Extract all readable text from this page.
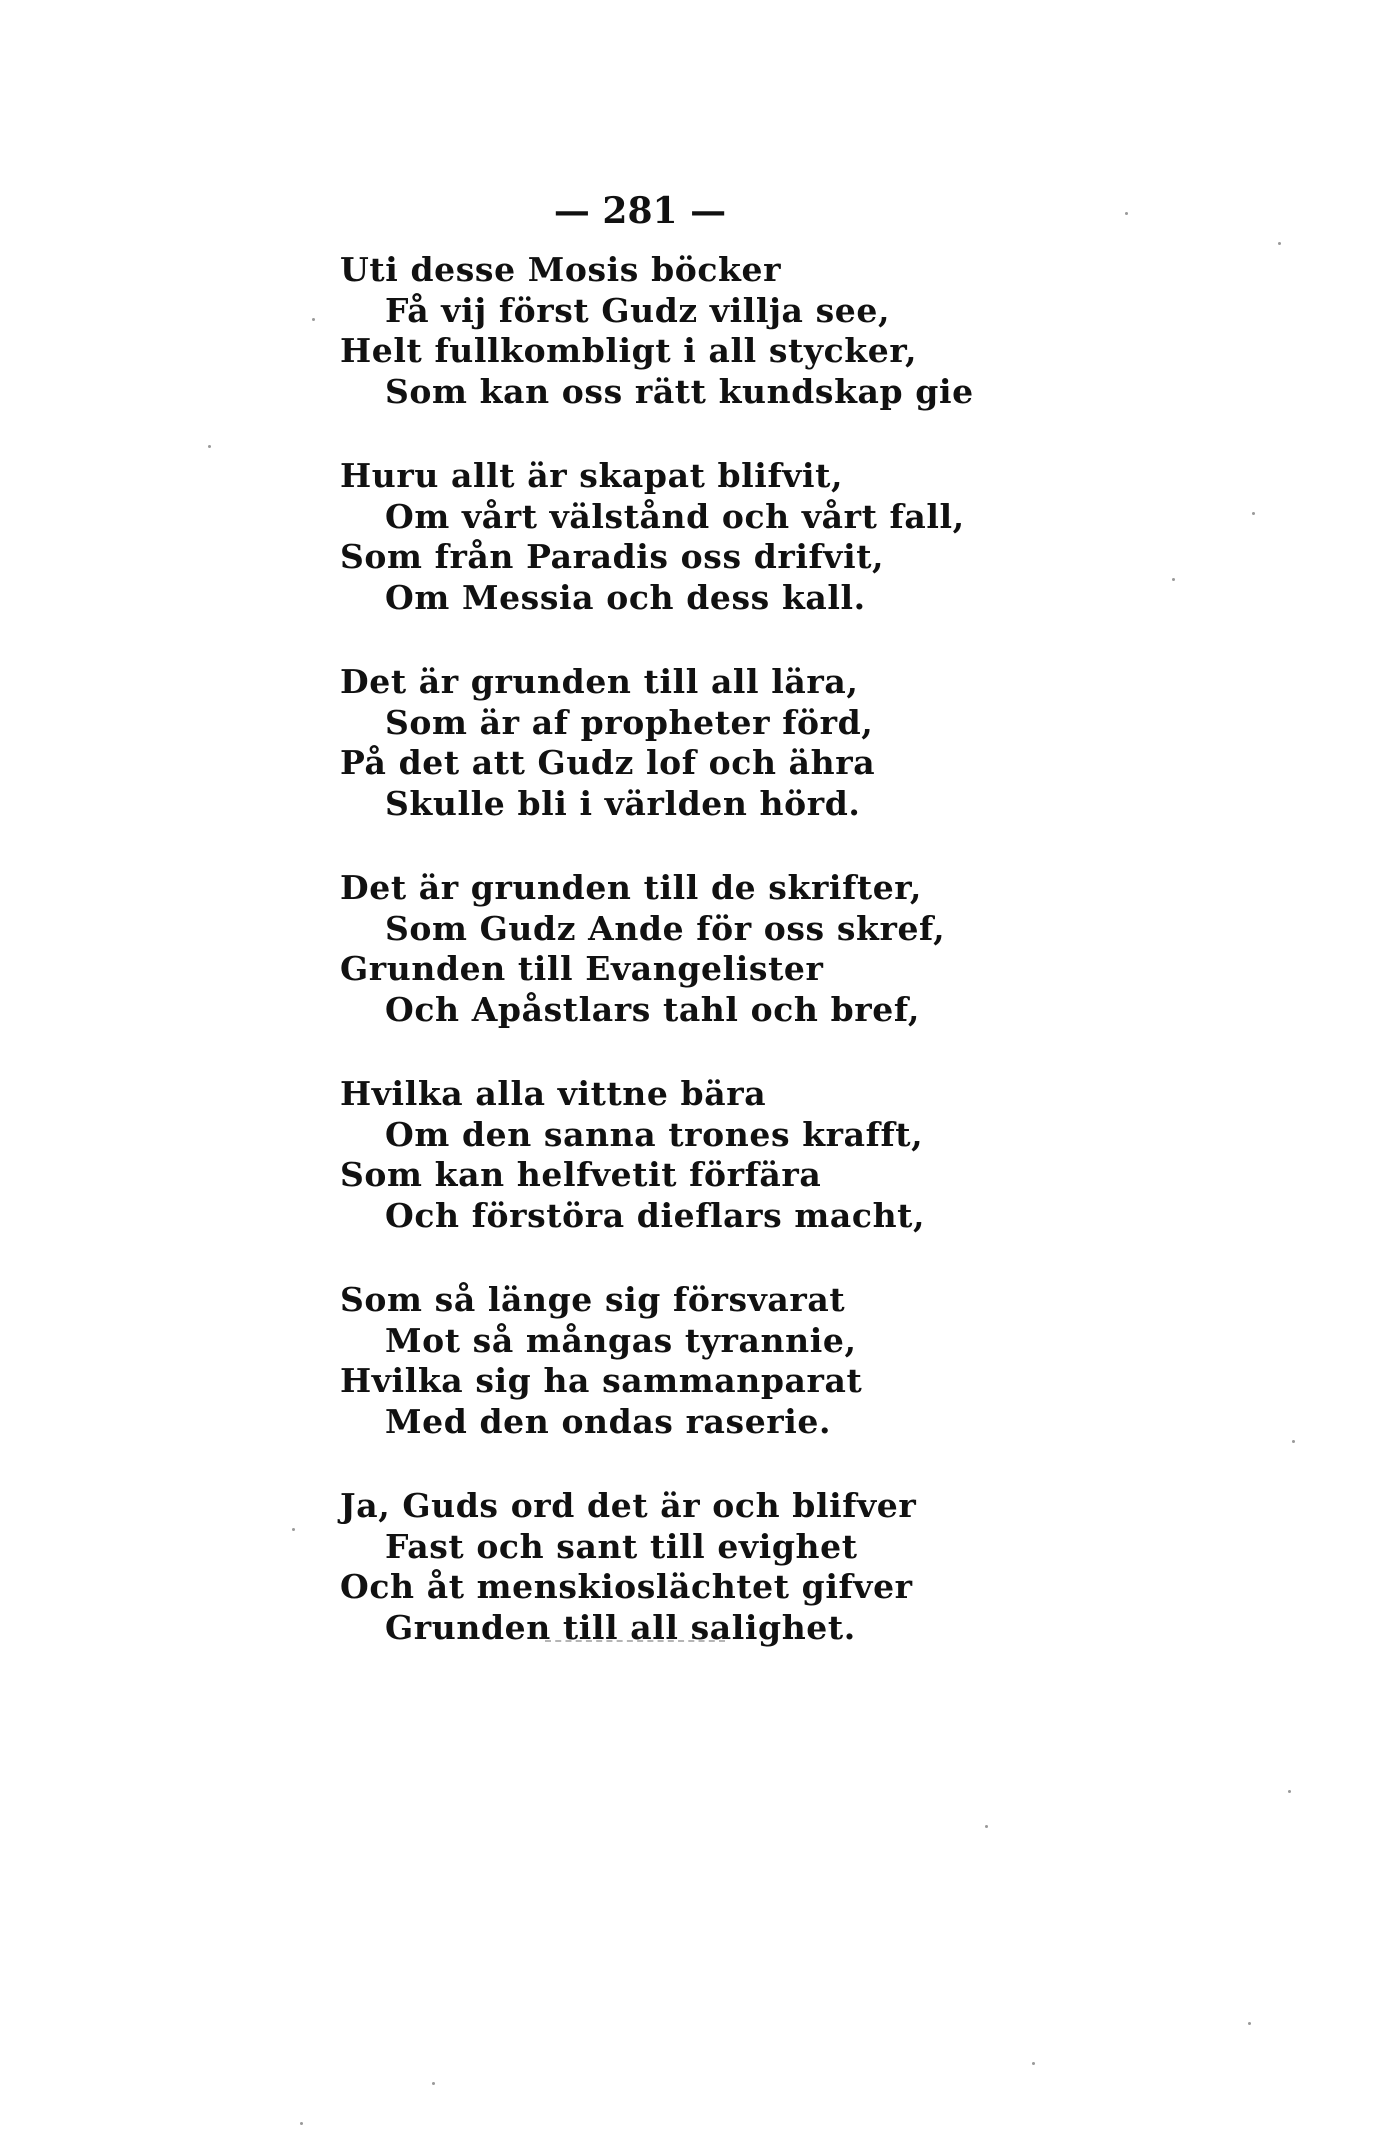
— 281 —
Uti desse Mosis böcker
Få vij först Gudz villja see,
Helt fullkombligt i all stycker,
Som kan oss rätt kundskap gie
Huru allt är skapat blifvit,
Om vårt välstånd och vårt fall,
Som från Paradis oss drifvit,
Om Messia och dess kall.
Det är grunden till all lära,
Som är af propheter förd,
På det att Gudz lof och ähra
Skulle bli i världen hörd.
Det är grunden till de skrifter,
Som Gudz Ande för oss skref,
Grunden till Evangelister
Och Apåstlars tahl och bref,
Hvilka alla vittne bära
Om den sanna trones krafft,
Som kan helfvetit förfära
Och förstöra dieflars macht,
Som så länge sig försvarat
Mot så mångas tyrannie,
Hvilka sig ha sammanparat
Med den ondas raserie.
Ja, Guds ord det är och blifver
Fast och sant till evighet
Och åt menskioslächtet gifver
Grunden till all salighet.
